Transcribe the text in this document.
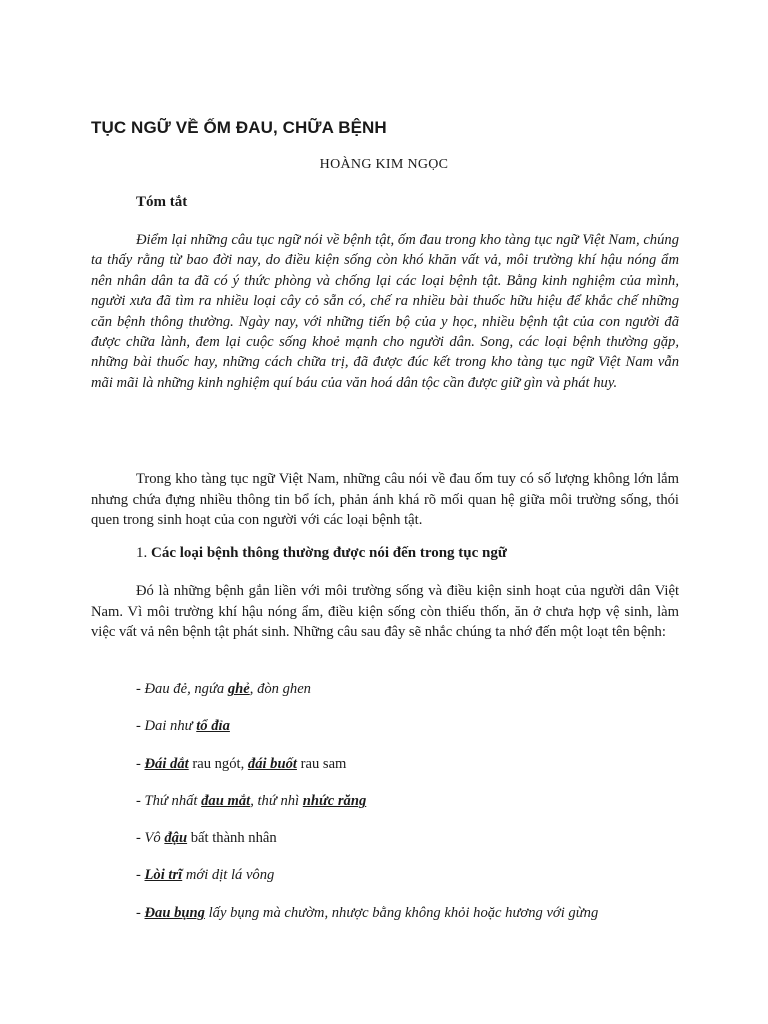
TỤC NGỮ VỀ ỐM ĐAU, CHỮA BỆNH
HOÀNG KIM NGỌC
Tóm tắt

Điểm lại những câu tục ngữ nói về bệnh tật, ốm đau trong kho tàng tục ngữ Việt Nam, chúng ta thấy rằng từ bao đời nay, do điều kiện sống còn khó khăn vất vả, môi trường khí hậu nóng ẩm nên nhân dân ta đã có ý thức phòng và chống lại các loại bệnh tật. Bằng kinh nghiệm của mình, người xưa đã tìm ra nhiều loại cây cỏ sẵn có, chế ra nhiều bài thuốc hữu hiệu để khắc chế những căn bệnh thông thường. Ngày nay, với những tiến bộ của y học, nhiều bệnh tật của con người đã được chữa lành, đem lại cuộc sống khoẻ mạnh cho người dân. Song, các loại bệnh thường gặp, những bài thuốc hay, những cách chữa trị, đã được đúc kết trong kho tàng tục ngữ Việt Nam vẫn mãi mãi là những kinh nghiệm quí báu của văn hoá dân tộc cần được giữ gìn và phát huy.

Trong kho tàng tục ngữ Việt Nam, những câu nói về đau ốm tuy có số lượng không lớn lắm nhưng chứa đựng nhiều thông tin bổ ích, phản ánh khá rõ mối quan hệ giữa môi trường sống, thói quen trong sinh hoạt của con người với các loại bệnh tật.

1. Các loại bệnh thông thường được nói đến trong tục ngữ

Đó là những bệnh gắn liền với môi trường sống và điều kiện sinh hoạt của người dân Việt Nam. Vì môi trường khí hậu nóng ẩm, điều kiện sống còn thiếu thốn, ăn ở chưa hợp vệ sinh, làm việc vất vả nên bệnh tật phát sinh. Những câu sau đây sẽ nhắc chúng ta nhớ đến một loạt tên bệnh:

- Đau đẻ, ngứa ghẻ, đòn ghen

- Dai như tổ đỉa

- Đái dắt rau ngót, đái buốt rau sam

- Thứ nhất đau mắt, thứ nhì nhức răng

- Vô đậu bất thành nhân

- Lòi trĩ mới dịt lá vông

- Đau bụng lấy bụng mà chườm, nhược bằng không khỏi hoặc hương với gừng
